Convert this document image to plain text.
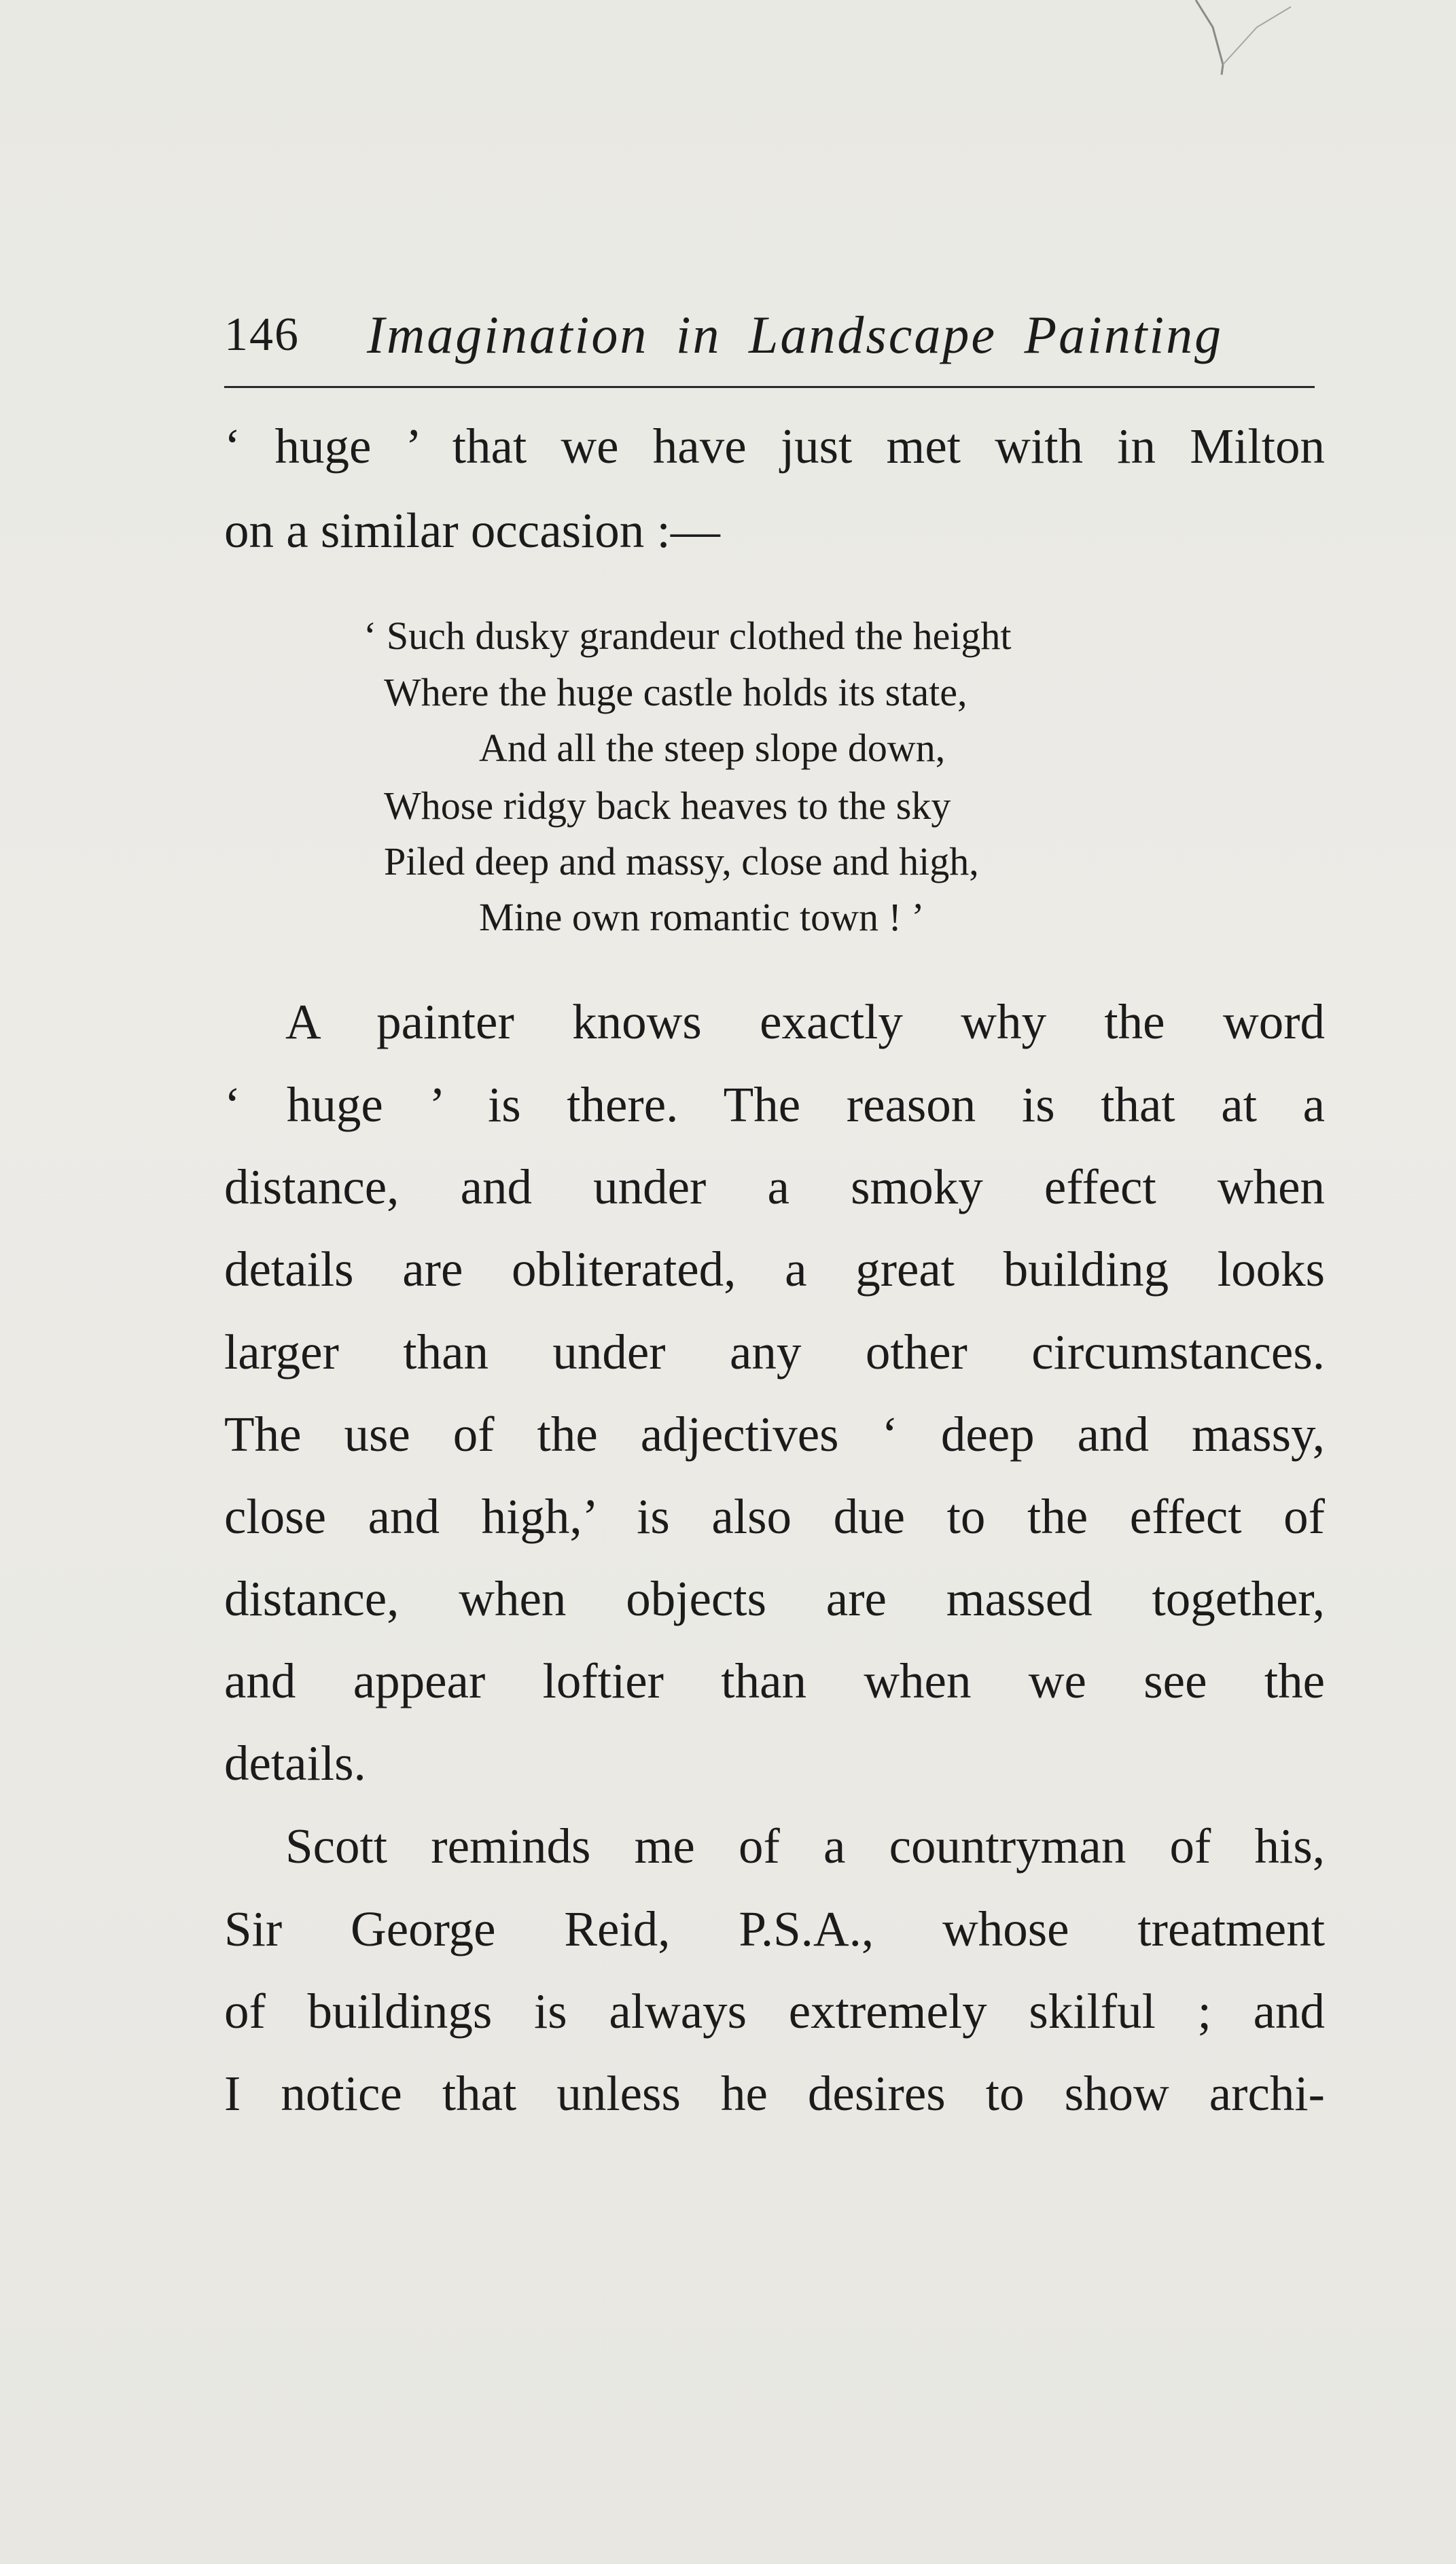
146 Imagination in Landscape Painting
‘ huge ’ that we have just met with in Milton
on a similar occasion :—
‘ Such dusky grandeur clothed the height
Where the huge castle holds its state,
And all the steep slope down,
Whose ridgy back heaves to the sky
Piled deep and massy, close and high,
Mine own romantic town ! ’
A painter knows exactly why the word
‘ huge ’ is there. The reason is that at a
distance, and under a smoky effect when
details are obliterated, a great building looks
larger than under any other circumstances.
The use of the adjectives ‘ deep and massy,
close and high,’ is also due to the effect of
distance, when objects are massed together,
and appear loftier than when we see the
details.
Scott reminds me of a countryman of his,
Sir George Reid, P.S.A., whose treatment
of buildings is always extremely skilful ; and
I notice that unless he desires to show archi-
